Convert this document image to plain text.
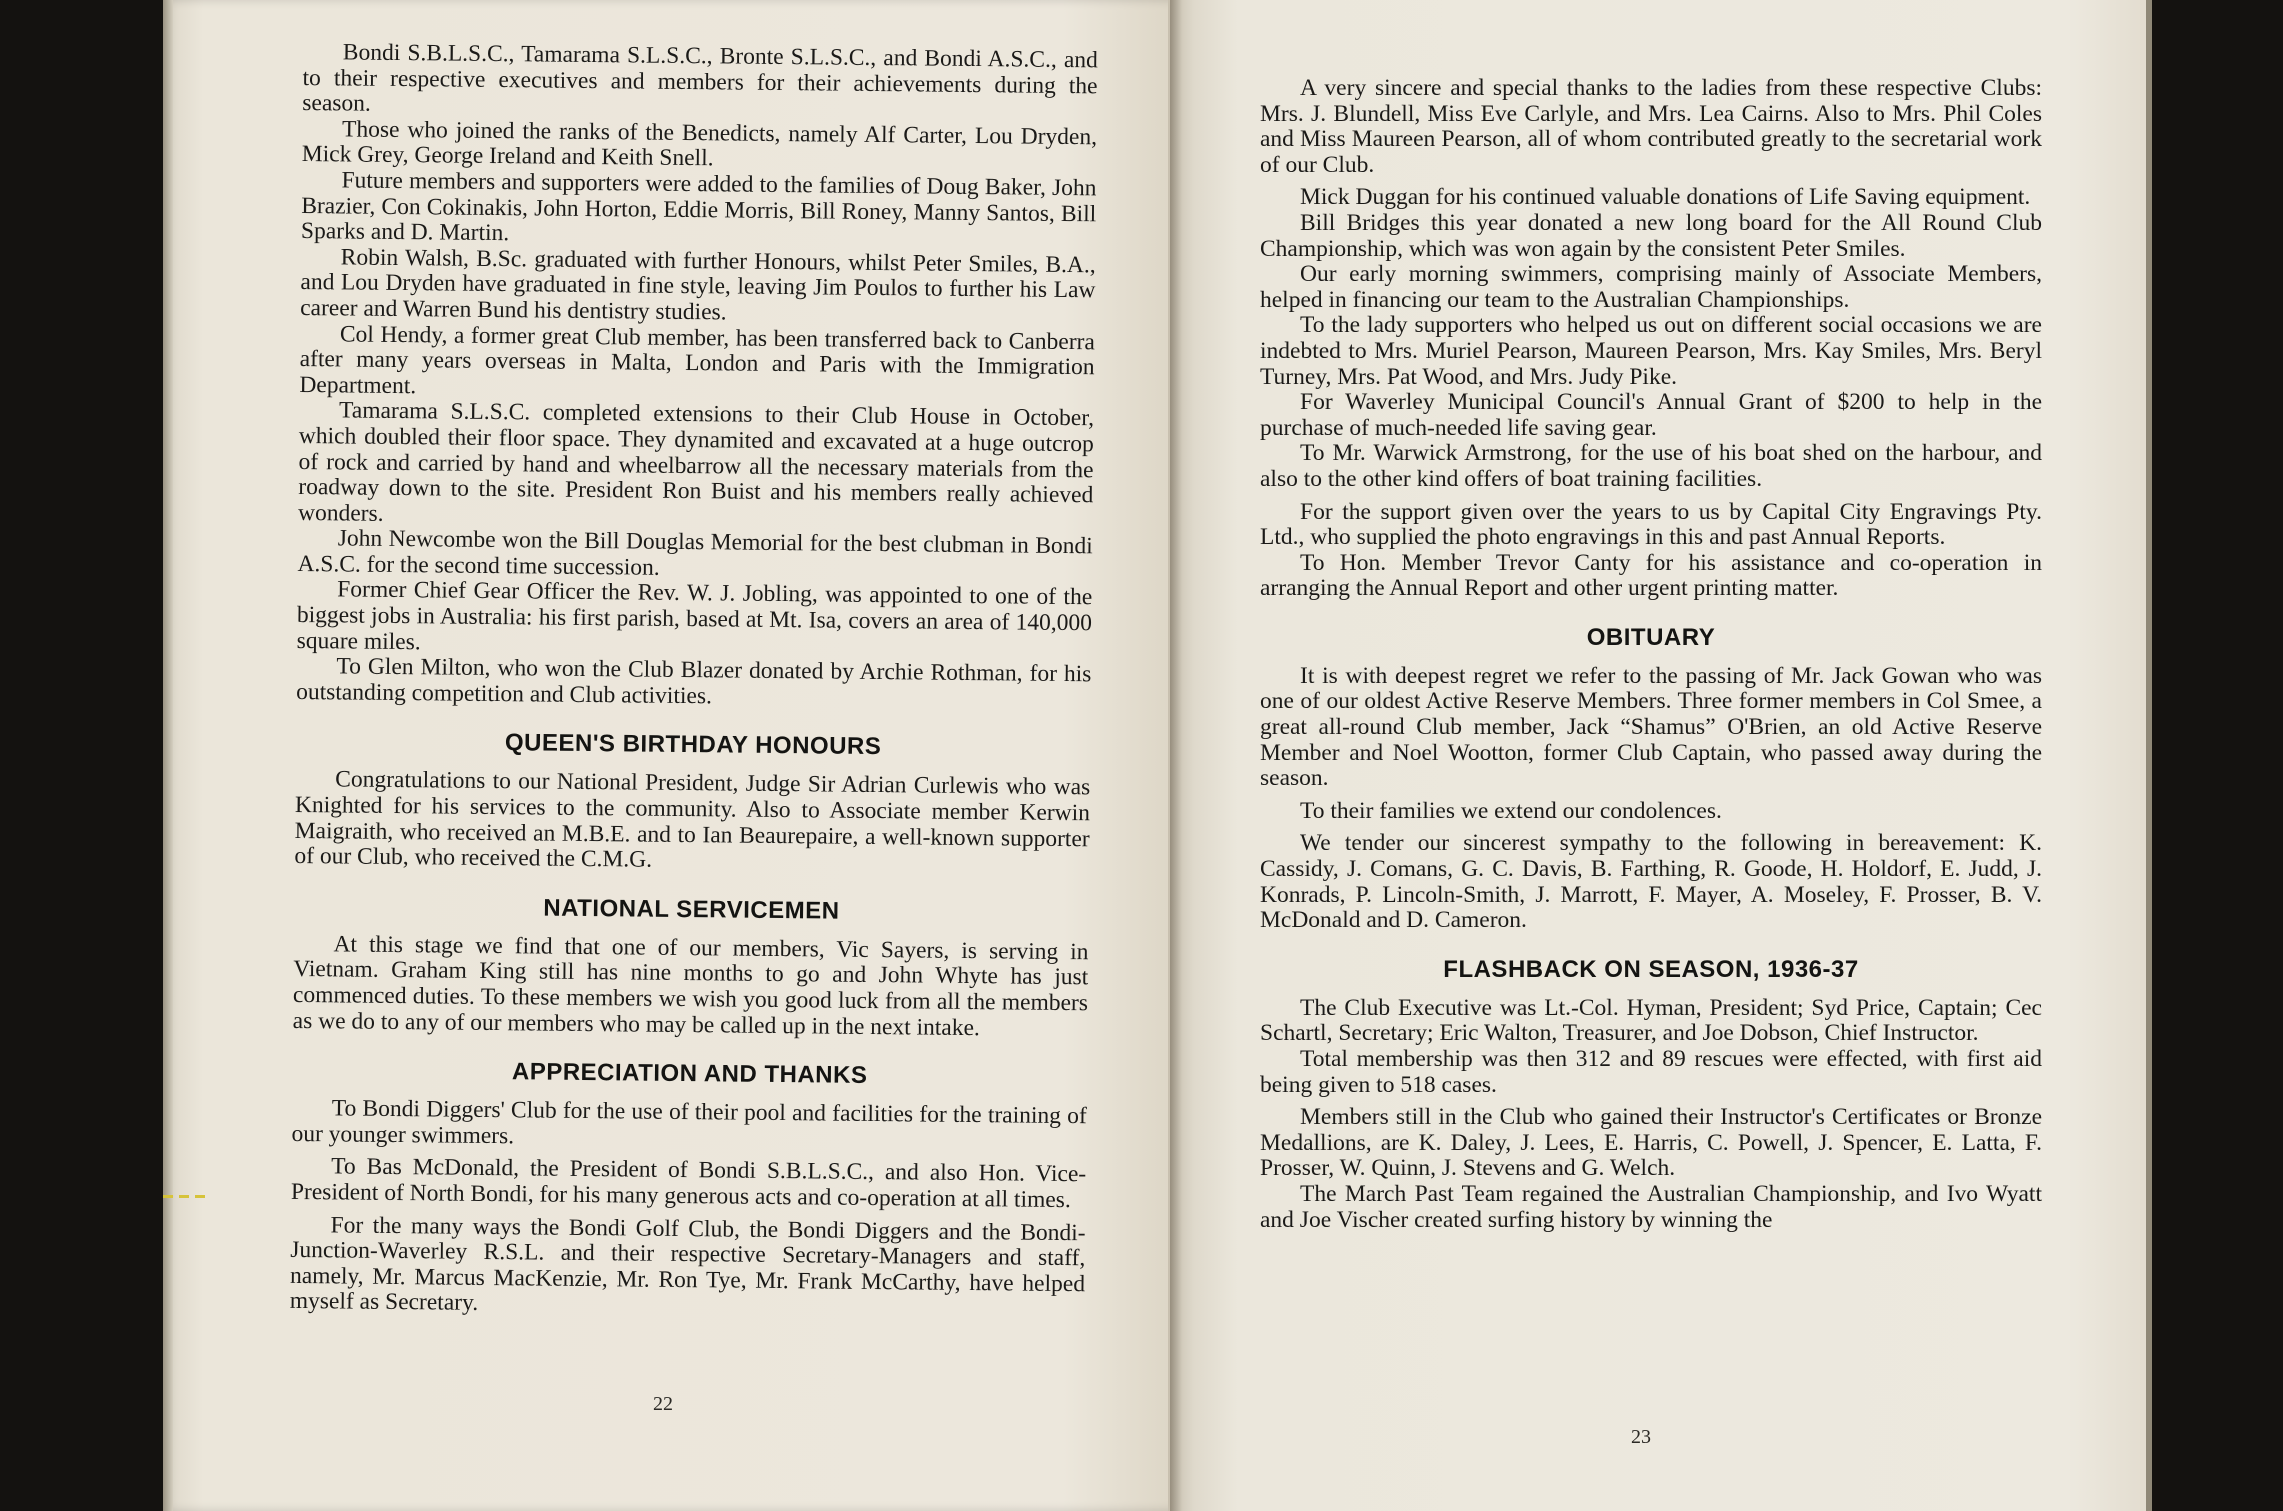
Bondi S.B.L.S.C., Tamarama S.L.S.C., Bronte S.L.S.C., and Bondi A.S.C., and to their respective executives and members for their achievements during the season.

Those who joined the ranks of the Benedicts, namely Alf Carter, Lou Dryden, Mick Grey, George Ireland and Keith Snell.

Future members and supporters were added to the families of Doug Baker, John Brazier, Con Cokinakis, John Horton, Eddie Morris, Bill Roney, Manny Santos, Bill Sparks and D. Martin.

Robin Walsh, B.Sc. graduated with further Honours, whilst Peter Smiles, B.A., and Lou Dryden have graduated in fine style, leaving Jim Poulos to further his Law career and Warren Bund his dentistry studies.

Col Hendy, a former great Club member, has been transferred back to Canberra after many years overseas in Malta, London and Paris with the Immigration Department.

Tamarama S.L.S.C. completed extensions to their Club House in October, which doubled their floor space. They dynamited and excavated at a huge outcrop of rock and carried by hand and wheelbarrow all the necessary materials from the roadway down to the site. President Ron Buist and his members really achieved wonders.

John Newcombe won the Bill Douglas Memorial for the best clubman in Bondi A.S.C. for the second time succession.

Former Chief Gear Officer the Rev. W. J. Jobling, was appointed to one of the biggest jobs in Australia: his first parish, based at Mt. Isa, covers an area of 140,000 square miles.

To Glen Milton, who won the Club Blazer donated by Archie Rothman, for his outstanding competition and Club activities.

QUEEN'S BIRTHDAY HONOURS

Congratulations to our National President, Judge Sir Adrian Curlewis who was Knighted for his services to the community. Also to Associate member Kerwin Maigraith, who received an M.B.E. and to Ian Beaurepaire, a well-known supporter of our Club, who received the C.M.G.

NATIONAL SERVICEMEN

At this stage we find that one of our members, Vic Sayers, is serving in Vietnam. Graham King still has nine months to go and John Whyte has just commenced duties. To these members we wish you good luck from all the members as we do to any of our members who may be called up in the next intake.

APPRECIATION AND THANKS

To Bondi Diggers' Club for the use of their pool and facilities for the training of our younger swimmers.

To Bas McDonald, the President of Bondi S.B.L.S.C., and also Hon. Vice-President of North Bondi, for his many generous acts and co-operation at all times.

For the many ways the Bondi Golf Club, the Bondi Diggers and the Bondi-Junction-Waverley R.S.L. and their respective Secretary-Managers and staff, namely, Mr. Marcus MacKenzie, Mr. Ron Tye, Mr. Frank McCarthy, have helped myself as Secretary.

22

A very sincere and special thanks to the ladies from these respective Clubs: Mrs. J. Blundell, Miss Eve Carlyle, and Mrs. Lea Cairns. Also to Mrs. Phil Coles and Miss Maureen Pearson, all of whom contributed greatly to the secretarial work of our Club.

Mick Duggan for his continued valuable donations of Life Saving equipment.

Bill Bridges this year donated a new long board for the All Round Club Championship, which was won again by the consistent Peter Smiles.

Our early morning swimmers, comprising mainly of Associate Members, helped in financing our team to the Australian Championships.

To the lady supporters who helped us out on different social occasions we are indebted to Mrs. Muriel Pearson, Maureen Pearson, Mrs. Kay Smiles, Mrs. Beryl Turney, Mrs. Pat Wood, and Mrs. Judy Pike.

For Waverley Municipal Council's Annual Grant of $200 to help in the purchase of much-needed life saving gear.

To Mr. Warwick Armstrong, for the use of his boat shed on the harbour, and also to the other kind offers of boat training facilities.

For the support given over the years to us by Capital City Engravings Pty. Ltd., who supplied the photo engravings in this and past Annual Reports.

To Hon. Member Trevor Canty for his assistance and co-operation in arranging the Annual Report and other urgent printing matter.

OBITUARY

It is with deepest regret we refer to the passing of Mr. Jack Gowan who was one of our oldest Active Reserve Members. Three former members in Col Smee, a great all-round Club member, Jack “Shamus” O'Brien, an old Active Reserve Member and Noel Wootton, former Club Captain, who passed away during the season.

To their families we extend our condolences.

We tender our sincerest sympathy to the following in bereavement: K. Cassidy, J. Comans, G. C. Davis, B. Farthing, R. Goode, H. Holdorf, E. Judd, J. Konrads, P. Lincoln-Smith, J. Marrott, F. Mayer, A. Moseley, F. Prosser, B. V. McDonald and D. Cameron.

FLASHBACK ON SEASON, 1936-37

The Club Executive was Lt.-Col. Hyman, President; Syd Price, Captain; Cec Schartl, Secretary; Eric Walton, Treasurer, and Joe Dobson, Chief Instructor.

Total membership was then 312 and 89 rescues were effected, with first aid being given to 518 cases.

Members still in the Club who gained their Instructor's Certificates or Bronze Medallions, are K. Daley, J. Lees, E. Harris, C. Powell, J. Spencer, E. Latta, F. Prosser, W. Quinn, J. Stevens and G. Welch.

The March Past Team regained the Australian Championship, and Ivo Wyatt and Joe Vischer created surfing history by winning the

23
